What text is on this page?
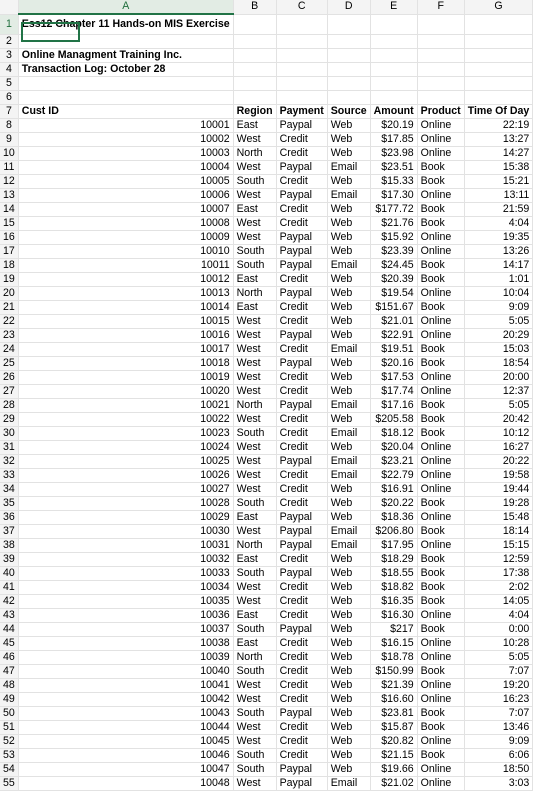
	A	B	C	D	E	F	G
1	Ess12 Chapter 11 Hands-on MIS Exercise						
2							
3	Online Managment Training Inc.						
4	Transaction Log: October 28						
5							
6							
7	Cust ID	Region	Payment	Source	Amount	Product	Time Of Day
8	10001	East	Paypal	Web	$20.19	Online	22:19
9	10002	West	Credit	Web	$17.85	Online	13:27
10	10003	North	Credit	Web	$23.98	Online	14:27
11	10004	West	Paypal	Email	$23.51	Book	15:38
12	10005	South	Credit	Web	$15.33	Book	15:21
13	10006	West	Paypal	Email	$17.30	Online	13:11
14	10007	East	Credit	Web	$177.72	Book	21:59
15	10008	West	Credit	Web	$21.76	Book	4:04
16	10009	West	Paypal	Web	$15.92	Online	19:35
17	10010	South	Paypal	Web	$23.39	Online	13:26
18	10011	South	Paypal	Email	$24.45	Book	14:17
19	10012	East	Credit	Web	$20.39	Book	1:01
20	10013	North	Paypal	Web	$19.54	Online	10:04
21	10014	East	Credit	Web	$151.67	Book	9:09
22	10015	West	Credit	Web	$21.01	Online	5:05
23	10016	West	Paypal	Web	$22.91	Online	20:29
24	10017	West	Credit	Email	$19.51	Book	15:03
25	10018	West	Paypal	Web	$20.16	Book	18:54
26	10019	West	Credit	Web	$17.53	Online	20:00
27	10020	West	Credit	Web	$17.74	Online	12:37
28	10021	North	Paypal	Email	$17.16	Book	5:05
29	10022	West	Credit	Web	$205.58	Book	20:42
30	10023	South	Credit	Email	$18.12	Book	10:12
31	10024	West	Credit	Web	$20.04	Online	16:27
32	10025	West	Paypal	Email	$23.21	Online	20:22
33	10026	West	Credit	Email	$22.79	Online	19:58
34	10027	West	Credit	Web	$16.91	Online	19:44
35	10028	South	Credit	Web	$20.22	Book	19:28
36	10029	East	Paypal	Web	$18.36	Online	15:48
37	10030	West	Paypal	Email	$206.80	Book	18:14
38	10031	North	Paypal	Email	$17.95	Online	15:15
39	10032	East	Credit	Web	$18.29	Book	12:59
40	10033	South	Paypal	Web	$18.55	Book	17:38
41	10034	West	Credit	Web	$18.82	Book	2:02
42	10035	West	Credit	Web	$16.35	Book	14:05
43	10036	East	Credit	Web	$16.30	Online	4:04
44	10037	South	Paypal	Web	$217	Book	0:00
45	10038	East	Credit	Web	$16.15	Online	10:28
46	10039	North	Credit	Web	$18.78	Online	5:05
47	10040	South	Credit	Web	$150.99	Book	7:07
48	10041	West	Credit	Web	$21.39	Online	19:20
49	10042	West	Credit	Web	$16.60	Online	16:23
50	10043	South	Paypal	Web	$23.81	Book	7:07
51	10044	West	Credit	Web	$15.87	Book	13:46
52	10045	West	Credit	Web	$20.82	Online	9:09
53	10046	South	Credit	Web	$21.15	Book	6:06
54	10047	South	Paypal	Web	$19.66	Online	18:50
55	10048	West	Paypal	Email	$21.02	Online	3:03
